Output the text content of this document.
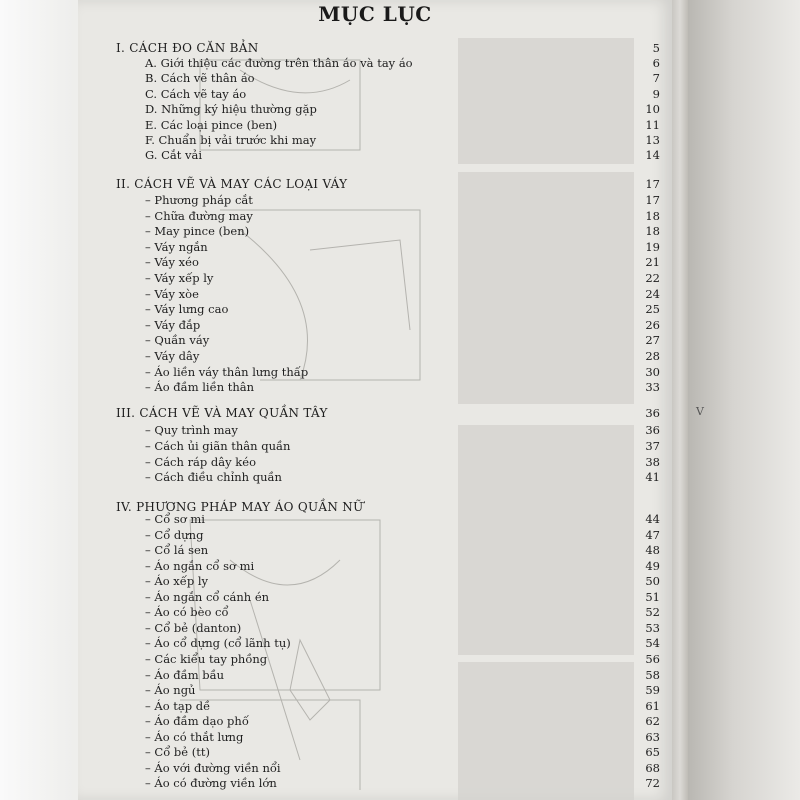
V
MỤC LỤC
I. CÁCH ĐO CĂN BẢN	5
A. Giới thiệu các đường trên thân áo và tay áo	6
B. Cách vẽ thân áo	7
C. Cách vẽ tay áo	9
D. Những ký hiệu thường gặp	10
E. Các loại pince (ben)	11
F. Chuẩn bị vải trước khi may	13
G. Cắt vải	14
II. CÁCH VẼ VÀ MAY CÁC LOẠI VÁY	17
– Phương pháp cắt	17
– Chữa đường may	18
– May pince (ben)	18
– Váy ngắn	19
– Váy xéo	21
– Váy xếp ly	22
– Váy xòe	24
– Váy lưng cao	25
– Váy đắp	26
– Quần váy	27
– Váy dây	28
– Áo liền váy thân lưng thấp	30
– Áo đầm liền thân	33
III. CÁCH VẼ VÀ MAY QUẦN TÂY	36
– Quy trình may	36
– Cách ủi giãn thân quần	37
– Cách ráp dây kéo	38
– Cách điều chỉnh quần	41
IV. PHƯƠNG PHÁP MAY ÁO QUẦN NỮ
– Cổ sơ mi	44
– Cổ dựng	47
– Cổ lá sen	48
– Áo ngắn cổ sơ mi	49
– Áo xếp ly	50
– Áo ngắn cổ cánh én	51
– Áo có bèo cổ	52
– Cổ bẻ (danton)	53
– Áo cổ dựng (cổ lãnh tụ)	54
– Các kiểu tay phồng	56
– Áo đầm bầu	58
– Áo ngủ	59
– Áo tạp dề	61
– Áo đầm dạo phố	62
– Áo có thắt lưng	63
– Cổ bẻ (tt)	65
– Áo với đường viền nổi	68
– Áo có đường viền lớn	72
